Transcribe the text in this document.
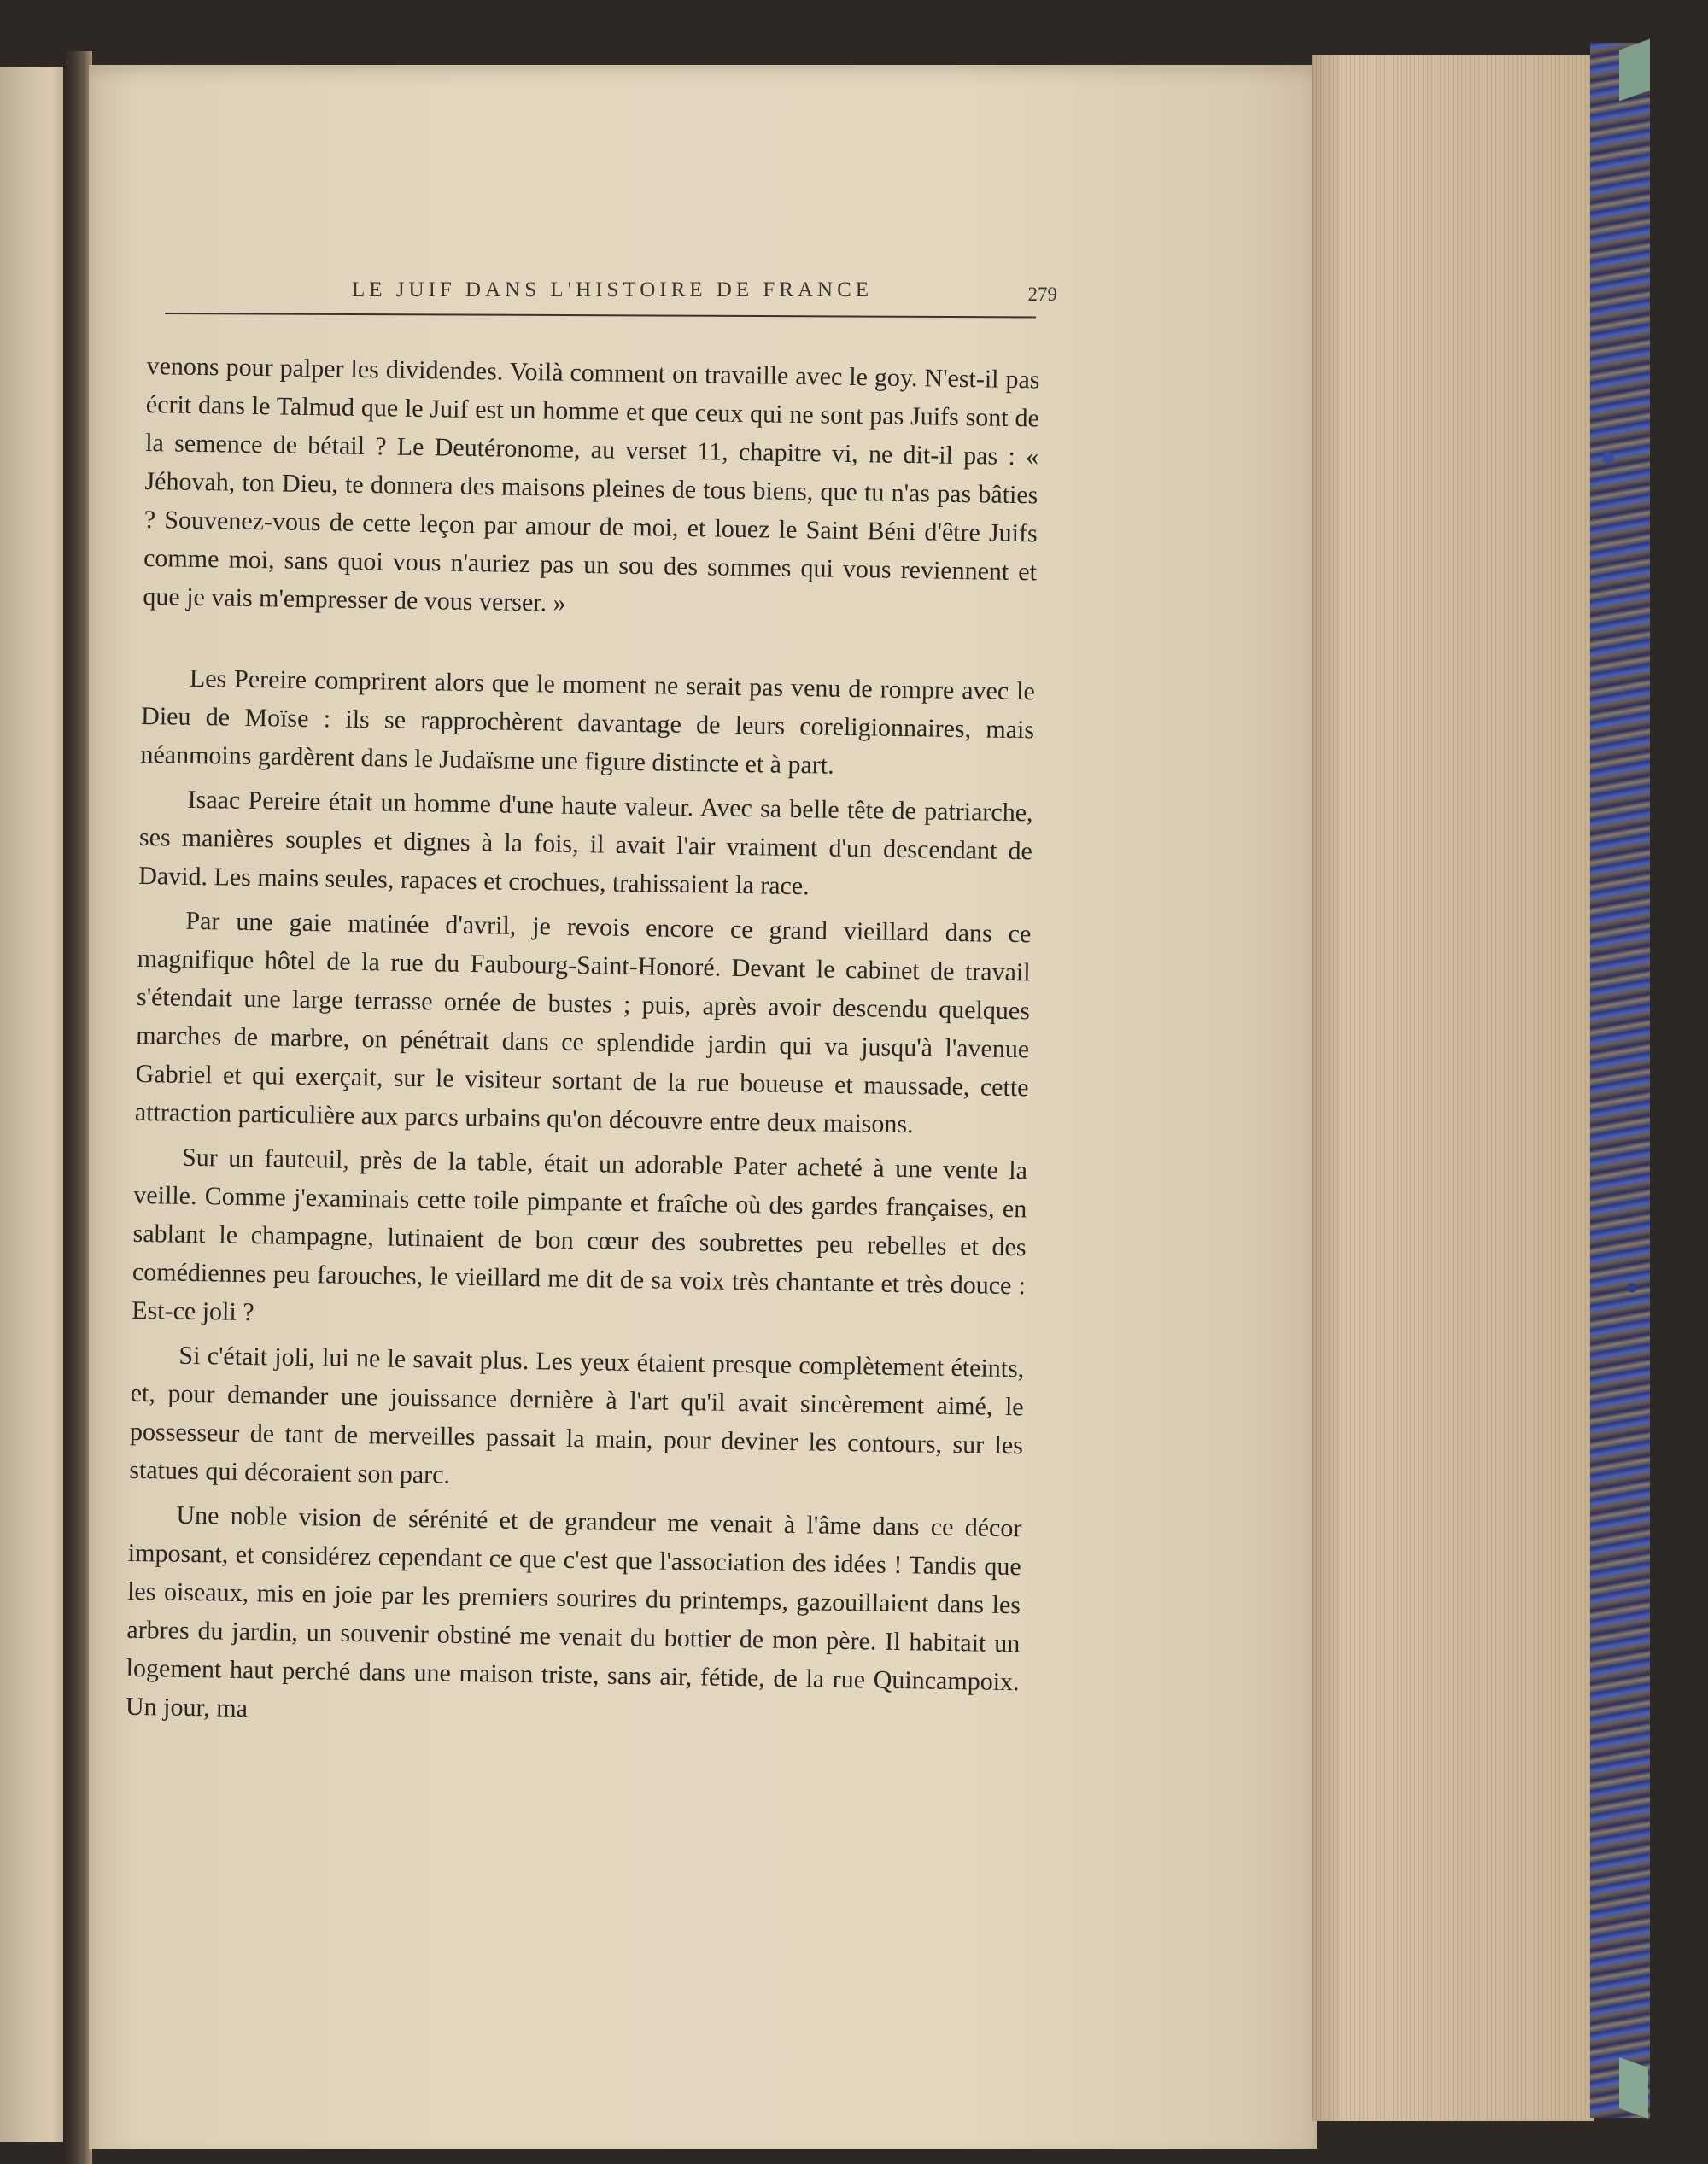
LE JUIF DANS L'HISTOIRE DE FRANCE	279

venons pour palper les dividendes. Voilà comment on travaille avec le goy. N'est-il pas écrit dans le Talmud que le Juif est un homme et que ceux qui ne sont pas Juifs sont de la semence de bétail ? Le Deutéronome, au verset 11, chapitre vi, ne dit-il pas : « Jéhovah, ton Dieu, te donnera des maisons pleines de tous biens, que tu n'as pas bâties ? Souvenez-vous de cette leçon par amour de moi, et louez le Saint Béni d'être Juifs comme moi, sans quoi vous n'auriez pas un sou des sommes qui vous reviennent et que je vais m'empresser de vous verser. »

Les Pereire comprirent alors que le moment ne serait pas venu de rompre avec le Dieu de Moïse : ils se rapprochèrent davantage de leurs coreligionnaires, mais néanmoins gardèrent dans le Judaïsme une figure distincte et à part.

Isaac Pereire était un homme d'une haute valeur. Avec sa belle tête de patriarche, ses manières souples et dignes à la fois, il avait l'air vraiment d'un descendant de David. Les mains seules, rapaces et crochues, trahissaient la race.

Par une gaie matinée d'avril, je revois encore ce grand vieillard dans ce magnifique hôtel de la rue du Faubourg-Saint-Honoré. Devant le cabinet de travail s'étendait une large terrasse ornée de bustes ; puis, après avoir descendu quelques marches de marbre, on pénétrait dans ce splendide jardin qui va jusqu'à l'avenue Gabriel et qui exerçait, sur le visiteur sortant de la rue boueuse et maussade, cette attraction particulière aux parcs urbains qu'on découvre entre deux maisons.

Sur un fauteuil, près de la table, était un adorable Pater acheté à une vente la veille. Comme j'examinais cette toile pimpante et fraîche où des gardes françaises, en sablant le champagne, lutinaient de bon cœur des soubrettes peu rebelles et des comédiennes peu farouches, le vieillard me dit de sa voix très chantante et très douce : Est-ce joli ?

Si c'était joli, lui ne le savait plus. Les yeux étaient presque complètement éteints, et, pour demander une jouissance dernière à l'art qu'il avait sincèrement aimé, le possesseur de tant de merveilles passait la main, pour deviner les contours, sur les statues qui décoraient son parc.

Une noble vision de sérénité et de grandeur me venait à l'âme dans ce décor imposant, et considérez cependant ce que c'est que l'association des idées ! Tandis que les oiseaux, mis en joie par les premiers sourires du printemps, gazouillaient dans les arbres du jardin, un souvenir obstiné me venait du bottier de mon père. Il habitait un logement haut perché dans une maison triste, sans air, fétide, de la rue Quincampoix. Un jour, ma
